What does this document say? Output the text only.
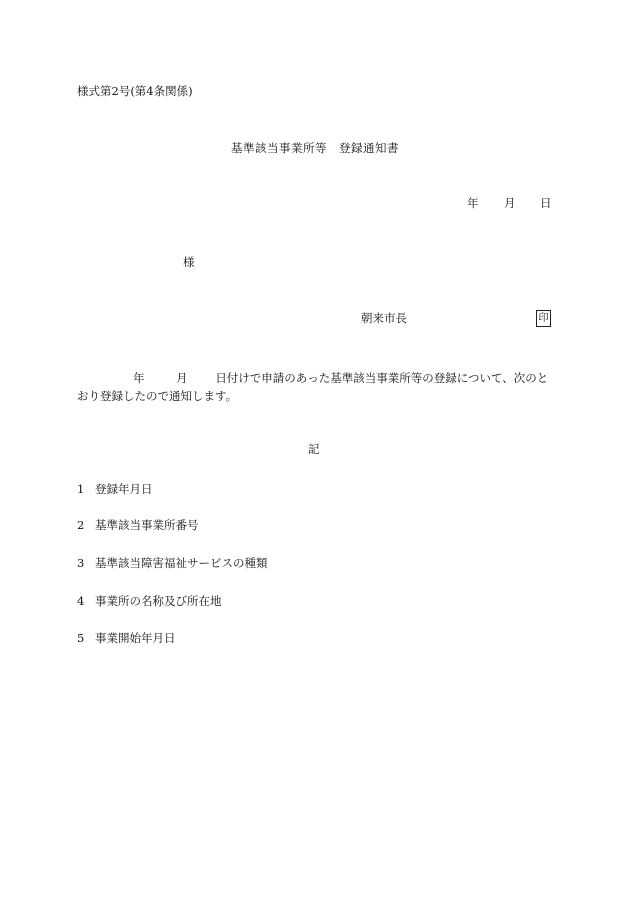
様式第2号(第4条関係)
基準該当事業所等　登録通知書
年 月 日
様
朝来市長	印
年	月 日付けで申請のあった基準該当事業所等の登録について、次のと
おり登録したので通知します。
記
1 登録年月日
2 基準該当事業所番号
3 基準該当障害福祉サービスの種類
4 事業所の名称及び所在地
5 事業開始年月日
